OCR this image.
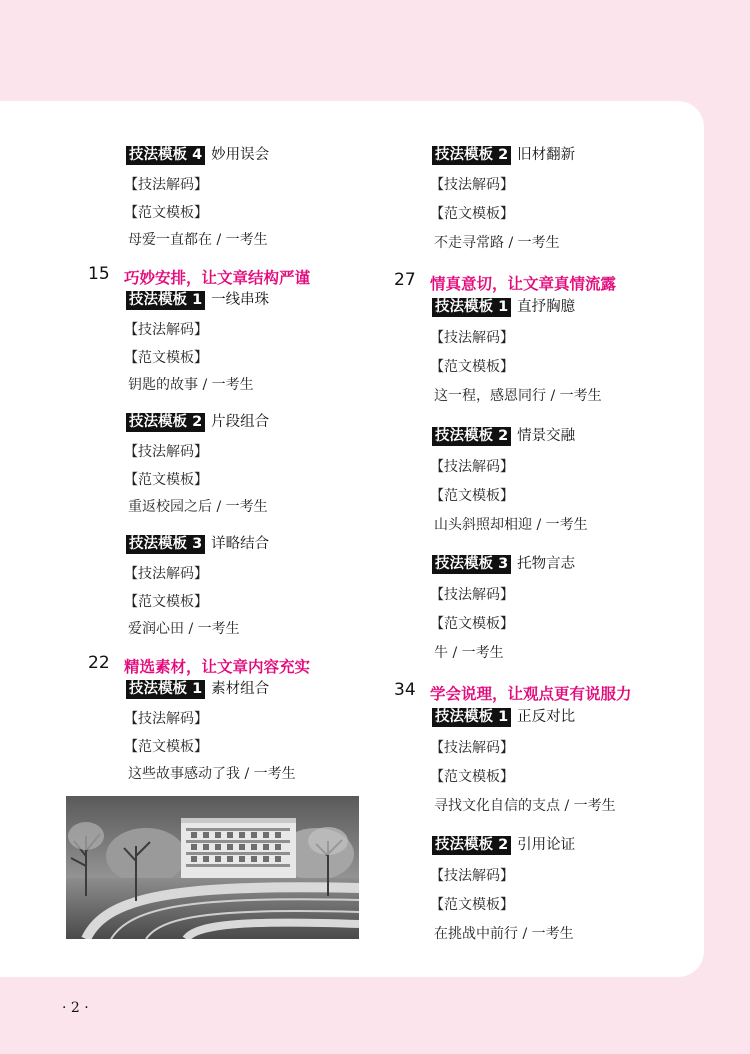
技法模板 4 妙用误会
【技法解码】
【范文模板】
母爱一直都在 / 一考生
15 巧妙安排，让文章结构严谨
技法模板 1 一线串珠
【技法解码】
【范文模板】
钥匙的故事 / 一考生
技法模板 2 片段组合
【技法解码】
【范文模板】
重返校园之后 / 一考生
技法模板 3 详略结合
【技法解码】
【范文模板】
爱润心田 / 一考生
22 精选素材，让文章内容充实
技法模板 1 素材组合
【技法解码】
【范文模板】
这些故事感动了我 / 一考生
技法模板 2 旧材翻新
【技法解码】
【范文模板】
不走寻常路 / 一考生
27 情真意切，让文章真情流露
技法模板 1 直抒胸臆
【技法解码】
【范文模板】
这一程，感恩同行 / 一考生
技法模板 2 情景交融
【技法解码】
【范文模板】
山头斜照却相迎 / 一考生
技法模板 3 托物言志
【技法解码】
【范文模板】
牛 / 一考生
34 学会说理，让观点更有说服力
技法模板 1 正反对比
【技法解码】
【范文模板】
寻找文化自信的支点 / 一考生
技法模板 2 引用论证
【技法解码】
【范文模板】
在挑战中前行 / 一考生
· 2 ·
